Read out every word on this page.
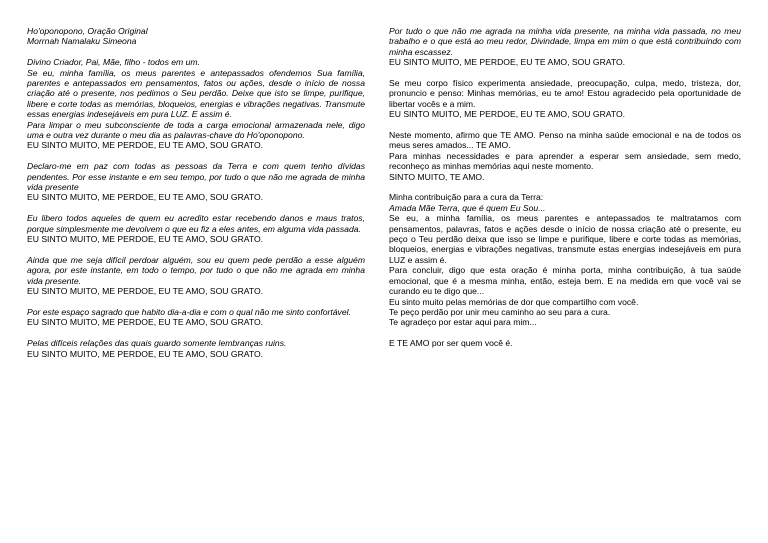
Ho'oponopono, Oração Original
Morrnah Namalaku Simeona
Divino Criador, Pai, Mãe, filho - todos em um.
Se eu, minha família, os meus parentes e antepassados ofendemos Sua família, parentes e antepassados em pensamentos, fatos ou ações, desde o início de nossa criação até o presente, nos pedimos o Seu perdão. Deixe que isto se limpe, purifique, libere e corte todas as memórias, bloqueios, energias e vibrações negativas. Transmute essas energias indesejáveis em pura LUZ. E assim é.
Para limpar o meu subconsciente de toda a carga emocional armazenada nele, digo uma e outra vez durante o meu dia as palavras-chave do Ho'oponopono.
EU SINTO MUITO, ME PERDOE, EU TE AMO, SOU GRATO.
Declaro-me em paz com todas as pessoas da Terra e com quem tenho dívidas pendentes. Por esse instante e em seu tempo, por tudo o que não me agrada de minha vida presente
EU SINTO MUITO, ME PERDOE, EU TE AMO, SOU GRATO.
Eu libero todos aqueles de quem eu acredito estar recebendo danos e maus tratos, porque simplesmente me devolvem o que eu fiz a eles antes, em alguma vida passada.
EU SINTO MUITO, ME PERDOE, EU TE AMO, SOU GRATO.
Ainda que me seja difícil perdoar alguém, sou eu quem pede perdão a esse alguém agora, por este instante, em todo o tempo, por tudo o que não me agrada em minha vida presente.
EU SINTO MUITO, ME PERDOE, EU TE AMO, SOU GRATO.
Por este espaço sagrado que habito dia-a-dia e com o qual não me sinto confortável.
EU SINTO MUITO, ME PERDOE, EU TE AMO, SOU GRATO.
Pelas difíceis relações das quais guardo somente lembranças ruins.
EU SINTO MUITO, ME PERDOE, EU TE AMO, SOU GRATO.
Por tudo o que não me agrada na minha vida presente, na minha vida passada, no meu trabalho e o que está ao meu redor, Divindade, limpa em mim o que está contribuindo com minha escassez.
EU SINTO MUITO, ME PERDOE, EU TE AMO, SOU GRATO.
Se meu corpo físico experimenta ansiedade, preocupação, culpa, medo, tristeza, dor, pronuncio e penso: Minhas memórias, eu te amo! Estou agradecido pela oportunidade de libertar vocês e a mim.
EU SINTO MUITO, ME PERDOE, EU TE AMO, SOU GRATO.
Neste momento, afirmo que TE AMO. Penso na minha saúde emocional e na de todos os meus seres amados... TE AMO.
Para minhas necessidades e para aprender a esperar sem ansiedade, sem medo, reconheço as minhas memórias aqui neste momento.
SINTO MUITO, TE AMO.
Minha contribuição para a cura da Terra:
Amada Mãe Terra, que é quem Eu Sou...
Se eu, a minha família, os meus parentes e antepassados te maltratamos com pensamentos, palavras, fatos e ações desde o início de nossa criação até o presente, eu peço o Teu perdão deixa que isso se limpe e purifique, libere e corte todas as memórias, bloqueios, energias e vibrações negativas, transmute estas energias indesejáveis em pura LUZ e assim é.
Para concluir, digo que esta oração é minha porta, minha contribuição, à tua saúde emocional, que é a mesma minha, então, esteja bem. E na medida em que você vai se curando eu te digo que...
Eu sinto muito pelas memórias de dor que compartilho com você.
Te peço perdão por unir meu caminho ao seu para a cura.
Te agradeço por estar aqui para mim...
E TE AMO por ser quem você é.
